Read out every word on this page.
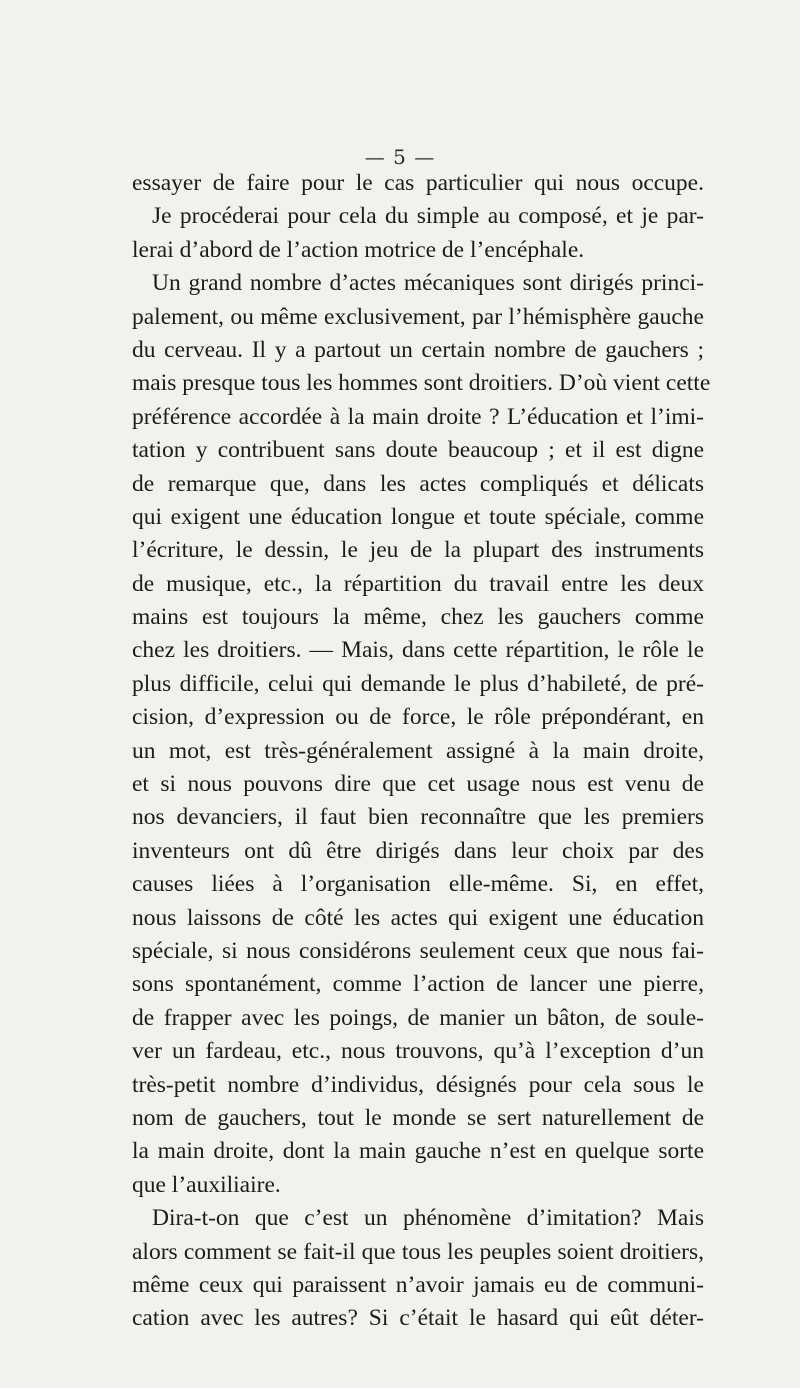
— 5 —
essayer de faire pour le cas particulier qui nous occupe.
Je procéderai pour cela du simple au composé, et je par-
lerai d’abord de l’action motrice de l’encéphale.
Un grand nombre d’actes mécaniques sont dirigés princi-
palement, ou même exclusivement, par l’hémisphère gauche
du cerveau. Il y a partout un certain nombre de gauchers ;
mais presque tous les hommes sont droitiers. D’où vient cette
préférence accordée à la main droite ? L’éducation et l’imi-
tation y contribuent sans doute beaucoup ; et il est digne
de remarque que, dans les actes compliqués et délicats
qui exigent une éducation longue et toute spéciale, comme
l’écriture, le dessin, le jeu de la plupart des instruments
de musique, etc., la répartition du travail entre les deux
mains est toujours la même, chez les gauchers comme
chez les droitiers. — Mais, dans cette répartition, le rôle le
plus difficile, celui qui demande le plus d’habileté, de pré-
cision, d’expression ou de force, le rôle prépondérant, en
un mot, est très-généralement assigné à la main droite,
et si nous pouvons dire que cet usage nous est venu de
nos devanciers, il faut bien reconnaître que les premiers
inventeurs ont dû être dirigés dans leur choix par des
causes liées à l’organisation elle-même. Si, en effet,
nous laissons de côté les actes qui exigent une éducation
spéciale, si nous considérons seulement ceux que nous fai-
sons spontanément, comme l’action de lancer une pierre,
de frapper avec les poings, de manier un bâton, de soule-
ver un fardeau, etc., nous trouvons, qu’à l’exception d’un
très-petit nombre d’individus, désignés pour cela sous le
nom de gauchers, tout le monde se sert naturellement de
la main droite, dont la main gauche n’est en quelque sorte
que l’auxiliaire.
Dira-t-on que c’est un phénomène d’imitation? Mais
alors comment se fait-il que tous les peuples soient droitiers,
même ceux qui paraissent n’avoir jamais eu de communi-
cation avec les autres? Si c’était le hasard qui eût déter-
